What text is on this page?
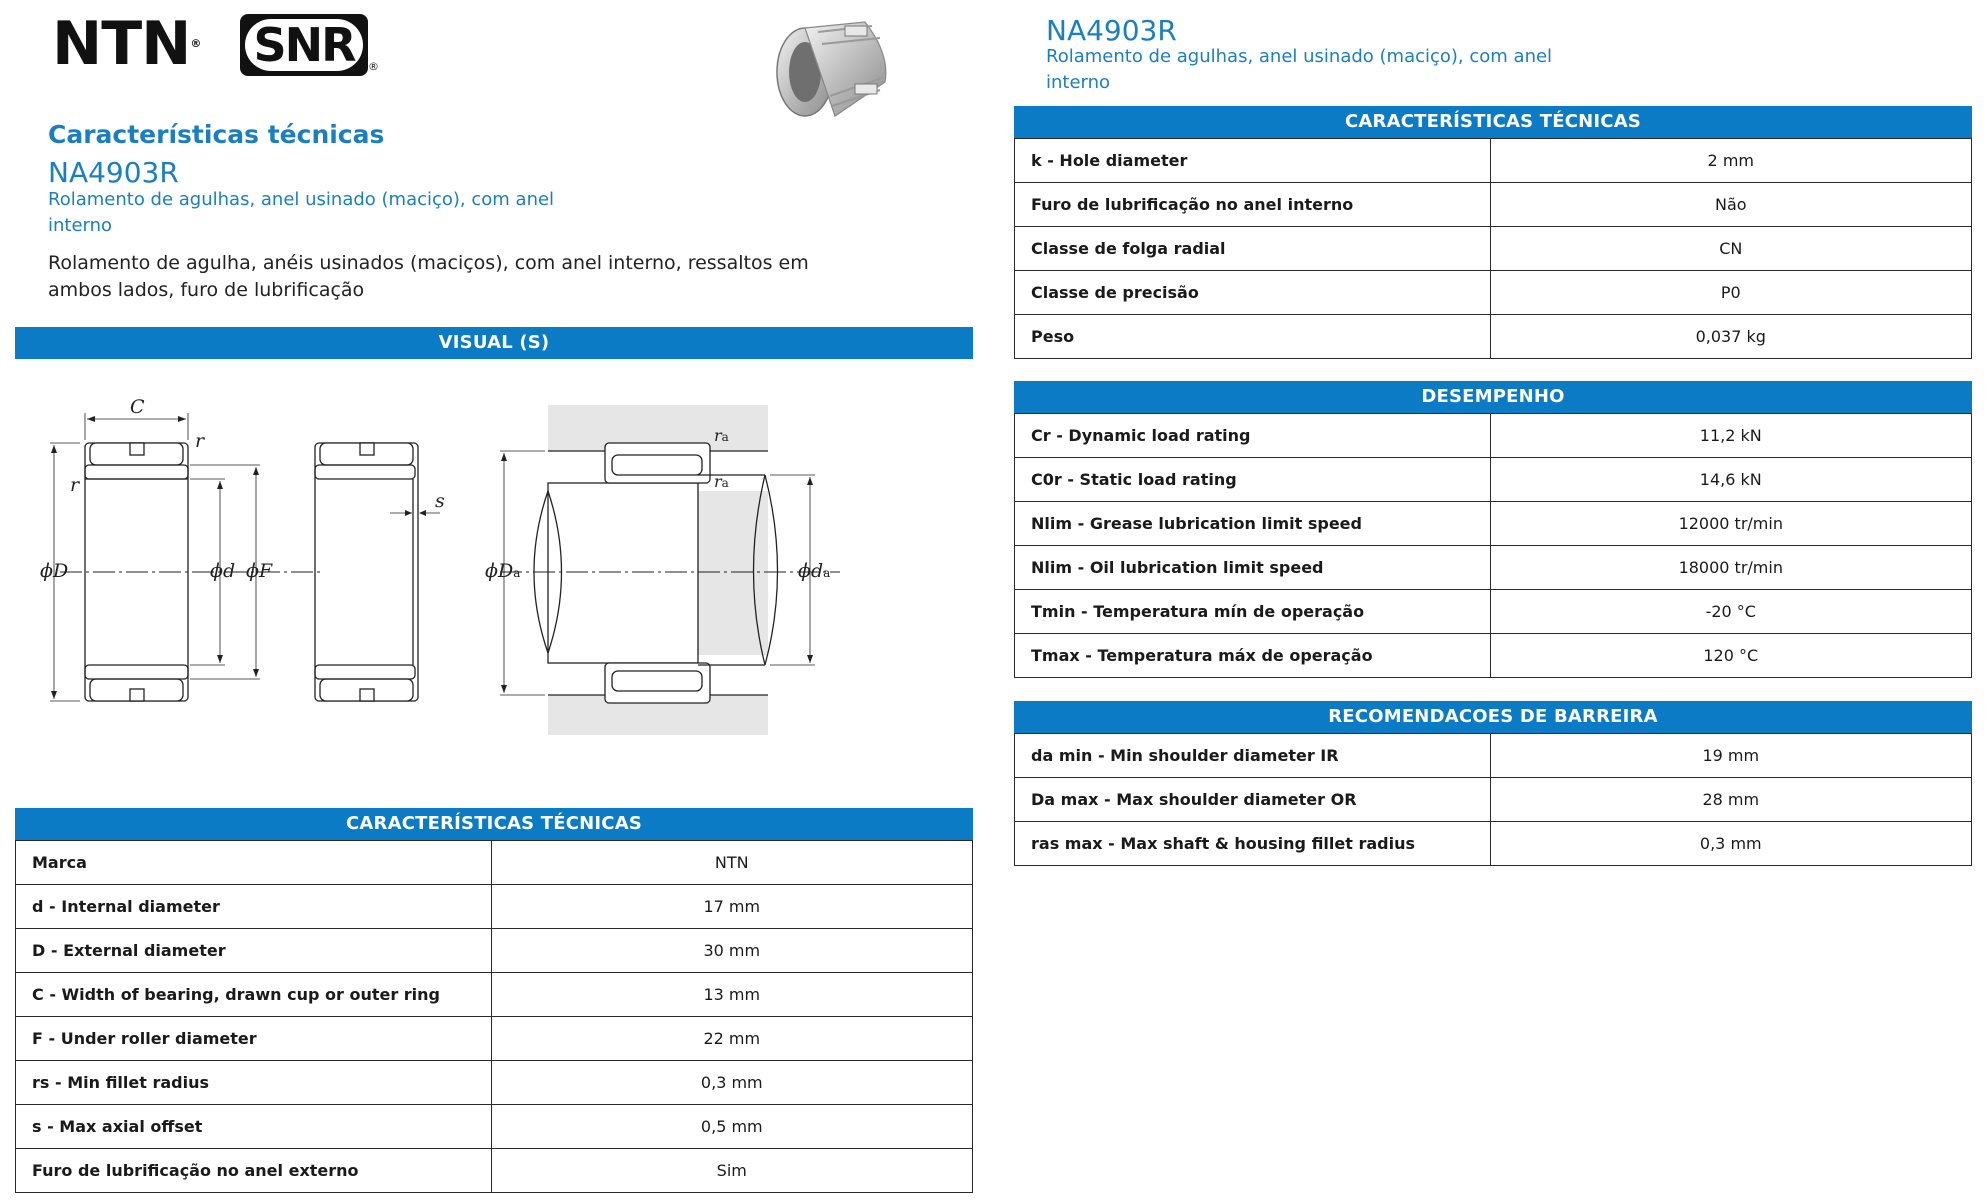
NTN® SNR	®
Características técnicas
NA4903R
Rolamento de agulhas, anel usinado (maciço), com anel interno
Rolamento de agulha, anéis usinados (maciços), com anel interno, ressaltos em ambos lados, furo de lubrificação
NA4903R
Rolamento de agulhas, anel usinado (maciço), com anel interno
VISUAL (S)
C
r
r
ϕD	ϕd ϕF
s
ϕDa	ϕda
ra
ra
CARACTERÍSTICAS TÉCNICAS
Marca	NTN
d - Internal diameter	17 mm
D - External diameter	30 mm
C - Width of bearing, drawn cup or outer ring	13 mm
F - Under roller diameter	22 mm
rs - Min fillet radius	0,3 mm
s - Max axial offset	0,5 mm
Furo de lubrificação no anel externo	Sim
CARACTERÍSTICAS TÉCNICAS
k - Hole diameter	2 mm
Furo de lubrificação no anel interno	Não
Classe de folga radial	CN
Classe de precisão	P0
Peso	0,037 kg
DESEMPENHO
Cr - Dynamic load rating	11,2 kN
C0r - Static load rating	14,6 kN
Nlim - Grease lubrication limit speed	12000 tr/min
Nlim - Oil lubrication limit speed	18000 tr/min
Tmin - Temperatura mín de operação	-20 °C
Tmax - Temperatura máx de operação	120 °C
RECOMENDACOES DE BARREIRA
da min - Min shoulder diameter IR	19 mm
Da max - Max shoulder diameter OR	28 mm
ras max - Max shaft & housing fillet radius	0,3 mm
